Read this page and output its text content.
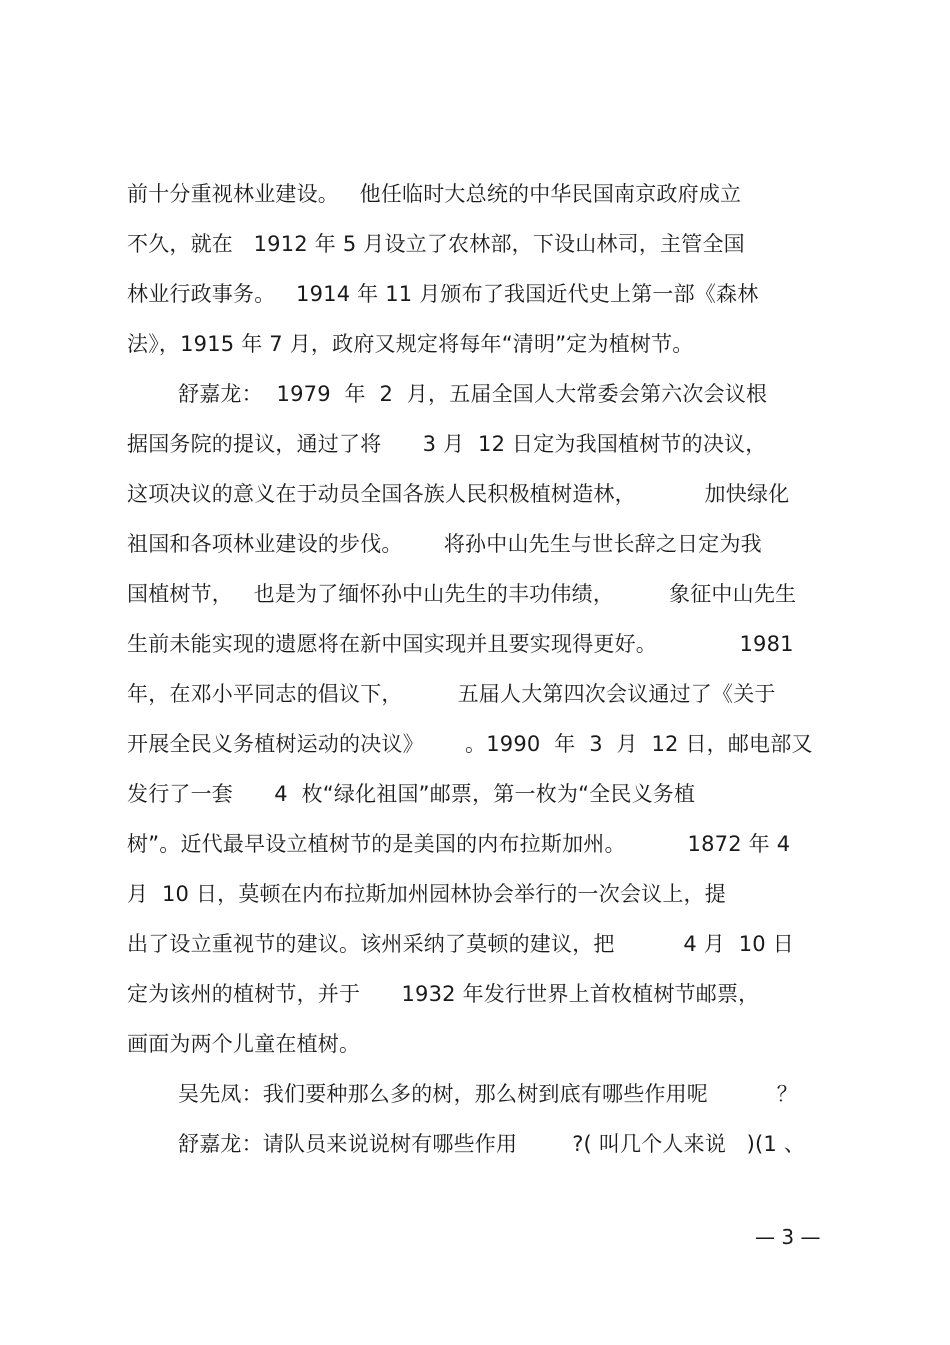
前十分重视林业建设。   他任临时大总统的中华民国南京政府成立
不久，就在   1912 年 5 月设立了农林部，下设山林司，主管全国
林业行政事务。   1914 年 11 月颁布了我国近代史上第一部《森林
法》，1915 年 7 月，政府又规定将每年“清明”定为植树节。
舒嘉龙：  1979  年  2  月，五届全国人大常委会第六次会议根
据国务院的提议，通过了将      3 月  12 日定为我国植树节的决议，
这项决议的意义在于动员全国各族人民积极植树造林，          加快绿化
祖国和各项林业建设的步伐。      将孙中山先生与世长辞之日定为我
国植树节，   也是为了缅怀孙中山先生的丰功伟绩，        象征中山先生
生前未能实现的遗愿将在新中国实现并且要实现得更好。            1981
年，在邓小平同志的倡议下，        五届人大第四次会议通过了《关于
开展全民义务植树运动的决议》      。1990  年  3  月  12 日，邮电部又
发行了一套      4  枚“绿化祖国”邮票，第一枚为“全民义务植
树”。近代最早设立植树节的是美国的内布拉斯加州。         1872 年 4
月  10 日，莫顿在内布拉斯加州园林协会举行的一次会议上，提
出了设立重视节的建议。该州采纳了莫顿的建议，把          4 月  10 日
定为该州的植树节，并于      1932 年发行世界上首枚植树节邮票，
画面为两个儿童在植树。
吴先凤：我们要种那么多的树，那么树到底有哪些作用呢          ？
舒嘉龙：请队员来说说树有哪些作用        ?( 叫几个人来说   )(1 、
— 3 —
